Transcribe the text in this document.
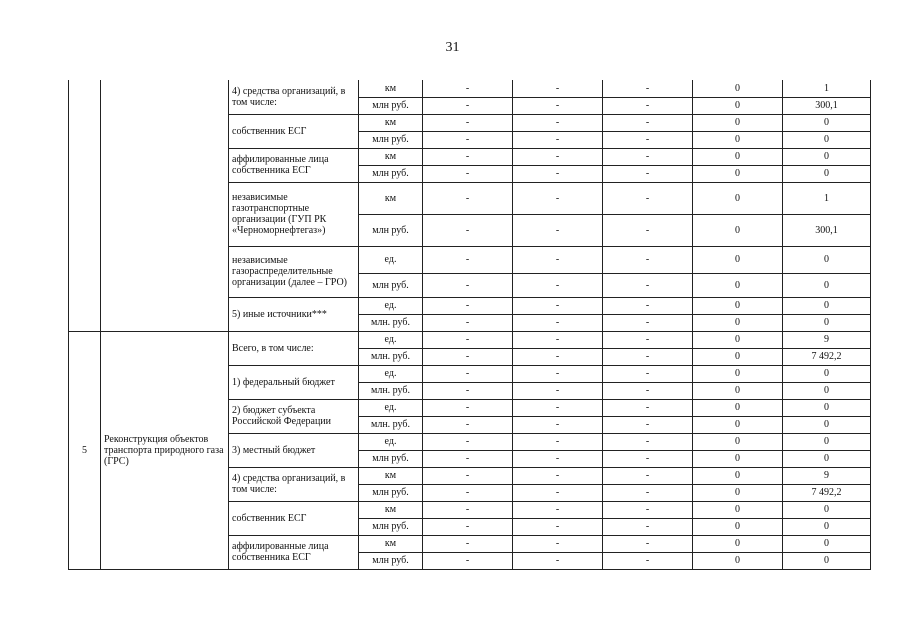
31
		4) средства организаций, в том числе:	км	-	-	-	0	1
			млн руб.	-	-	-	0	300,1
		собственник ЕСГ	км	-	-	-	0	0
			млн руб.	-	-	-	0	0
		аффилированные лица собственника ЕСГ	км	-	-	-	0	0
			млн руб.	-	-	-	0	0
		независимые газотранспортные организации (ГУП РК «Черноморнефтегаз»)	км	-	-	-	0	1
			млн руб.	-	-	-	0	300,1
		независимые газораспределительные организации (далее – ГРО)	ед.	-	-	-	0	0
			млн руб.	-	-	-	0	0
		5) иные источники***	ед.	-	-	-	0	0
			млн. руб.	-	-	-	0	0
5	Реконструкция объектов транспорта природного газа (ГРС)	Всего, в том числе:	ед.	-	-	-	0	9
			млн. руб.	-	-	-	0	7 492,2
		1) федеральный бюджет	ед.	-	-	-	0	0
			млн. руб.	-	-	-	0	0
		2) бюджет субъекта Российской Федерации	ед.	-	-	-	0	0
			млн. руб.	-	-	-	0	0
		3) местный бюджет	ед.	-	-	-	0	0
			млн руб.	-	-	-	0	0
		4) средства организаций, в том числе:	км	-	-	-	0	9
			млн руб.	-	-	-	0	7 492,2
		собственник ЕСГ	км	-	-	-	0	0
			млн руб.	-	-	-	0	0
		аффилированные лица собственника ЕСГ	км	-	-	-	0	0
			млн руб.	-	-	-	0	0
